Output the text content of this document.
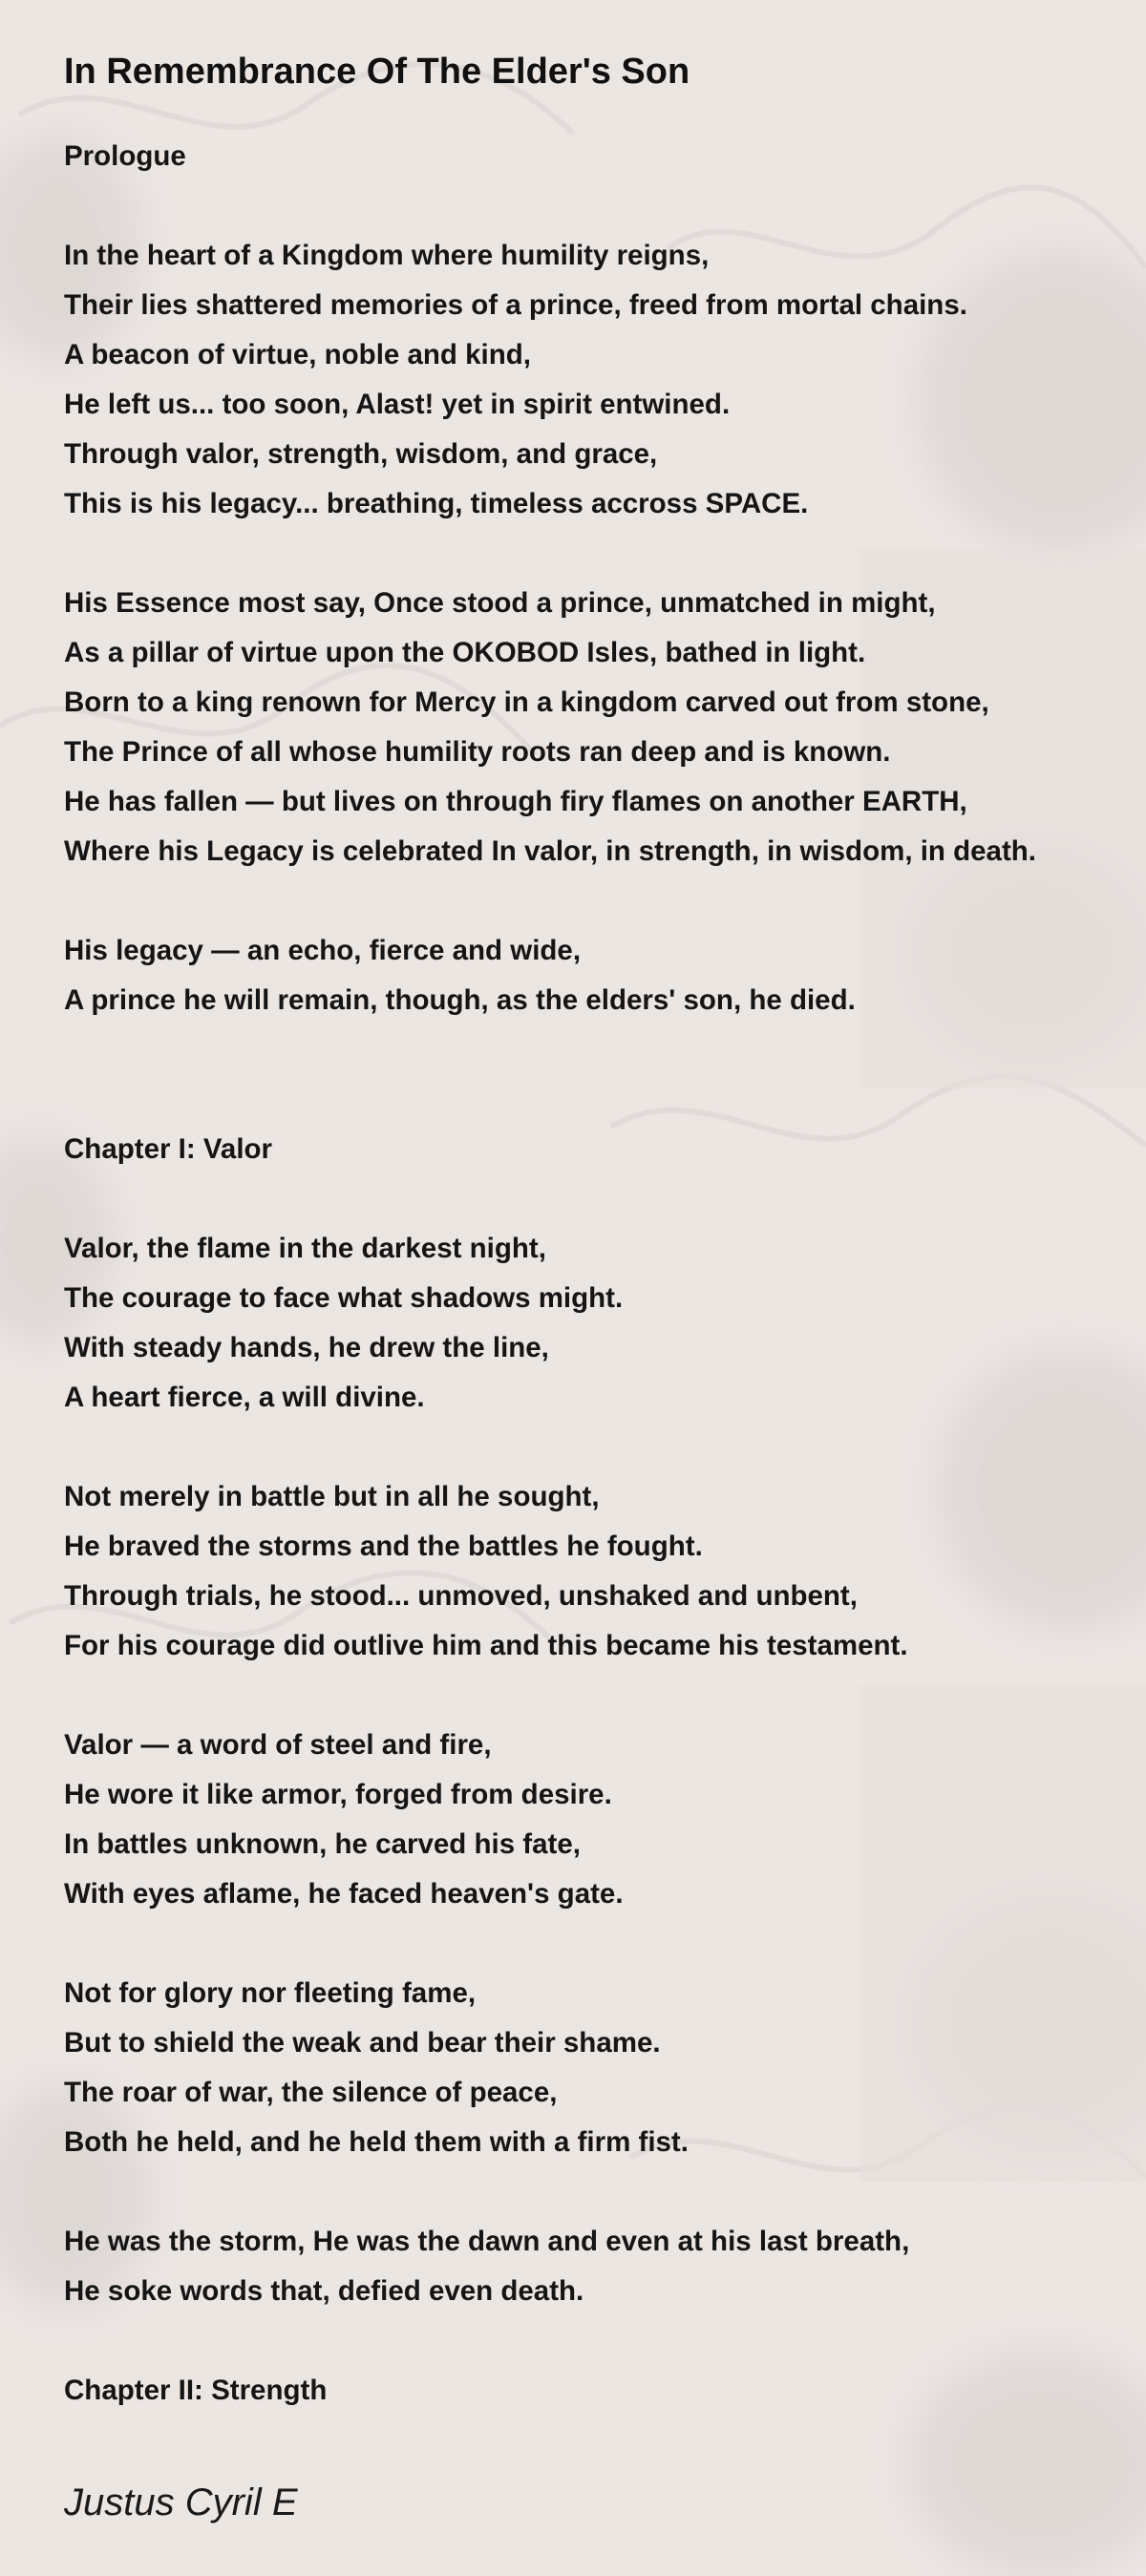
In Remembrance Of The Elder's Son
Prologue
In the heart of a Kingdom where humility reigns,
Their lies shattered memories of a prince, freed from mortal chains.
A beacon of virtue, noble and kind,
He left us... too soon, Alast! yet in spirit entwined.
Through valor, strength, wisdom, and grace,
This is his legacy... breathing, timeless accross SPACE.
His Essence most say, Once stood a prince, unmatched in might,
As a pillar of virtue upon the OKOBOD Isles, bathed in light.
Born to a king renown for Mercy in a kingdom carved out from stone,
The Prince of all whose humility roots ran deep and is known.
He has fallen — but lives on through firy flames on another EARTH,
Where his Legacy is celebrated In valor, in strength, in wisdom, in death.
His legacy — an echo, fierce and wide,
A prince he will remain, though, as the elders' son, he died.
Chapter I: Valor
Valor, the flame in the darkest night,
The courage to face what shadows might.
With steady hands, he drew the line,
A heart fierce, a will divine.
Not merely in battle but in all he sought,
He braved the storms and the battles he fought.
Through trials, he stood... unmoved, unshaked and unbent,
For his courage did outlive him and this became his testament.
Valor — a word of steel and fire,
He wore it like armor, forged from desire.
In battles unknown, he carved his fate,
With eyes aflame, he faced heaven's gate.
Not for glory nor fleeting fame,
But to shield the weak and bear their shame.
The roar of war, the silence of peace,
Both he held, and he held them with a firm fist.
He was the storm, He was the dawn and even at his last breath,
He soke words that, defied even death.
Chapter II: Strength
Justus Cyril E
